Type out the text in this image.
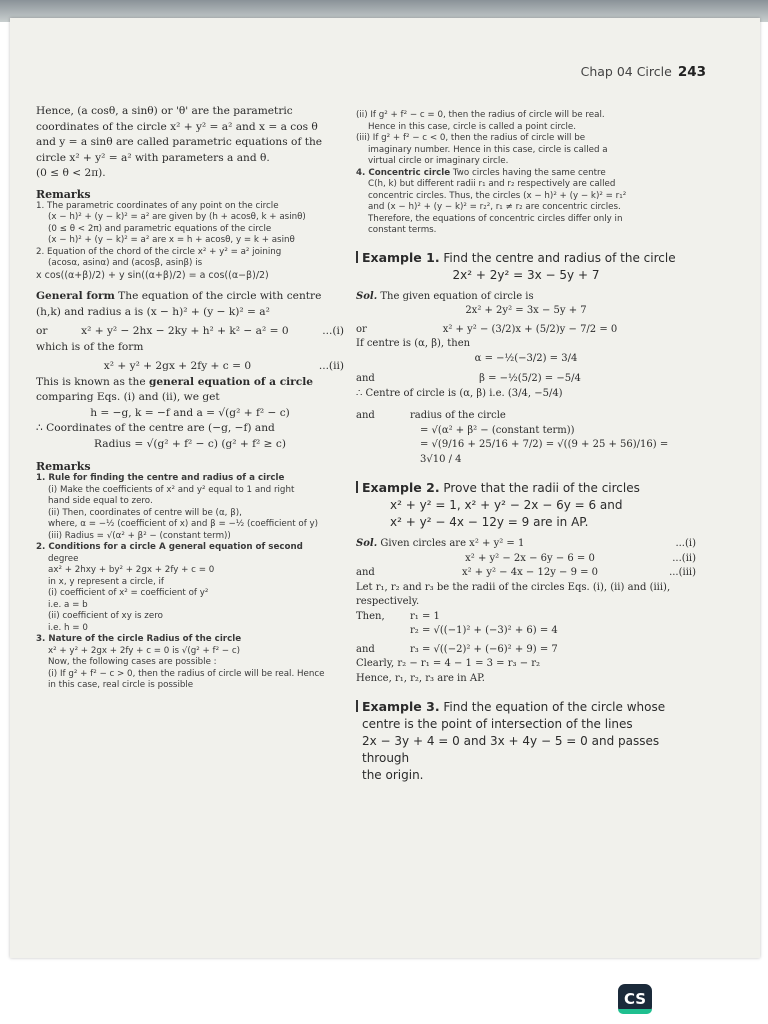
Chap 04 Circle 243
Hence, (a cosθ, a sinθ) or 'θ' are the parametric
coordinates of the circle x² + y² = a² and x = a cos θ
and y = a sinθ are called parametric equations of the
circle x² + y² = a² with parameters a and θ.
(0 ≤ θ < 2π).
Remarks
1. The parametric coordinates of any point on the circle
(x − h)² + (y − k)² = a² are given by (h + acosθ, k + asinθ)
(0 ≤ θ < 2π) and parametric equations of the circle
(x − h)² + (y − k)² = a² are x = h + acosθ, y = k + asinθ
2. Equation of the chord of the circle x² + y² = a² joining
(acosα, asinα) and (acosβ, asinβ) is
x cos((α+β)/2) + y sin((α+β)/2) = a cos((α−β)/2)
General form The equation of the circle with centre
(h,k) and radius a is (x − h)² + (y − k)² = a²
or	x² + y² − 2hx − 2ky + h² + k² − a² = 0	...(i)
which is of the form
x² + y² + 2gx + 2fy + c = 0	...(ii)
This is known as the general equation of a circle
comparing Eqs. (i) and (ii), we get
h = −g, k = −f and a = √(g² + f² − c)
∴ Coordinates of the centre are (−g, −f) and
Radius = √(g² + f² − c) (g² + f² ≥ c)
Remarks
1. Rule for finding the centre and radius of a circle
(i) Make the coefficients of x² and y² equal to 1 and right
hand side equal to zero.
(ii) Then, coordinates of centre will be (α, β),
where, α = −½ (coefficient of x) and β = −½ (coefficient of y)
(iii) Radius = √(α² + β² − (constant term))
2. Conditions for a circle A general equation of second
degree
ax² + 2hxy + by² + 2gx + 2fy + c = 0
in x, y represent a circle, if
(i) coefficient of x² = coefficient of y²
i.e. a = b
(ii) coefficient of xy is zero
i.e. h = 0
3. Nature of the circle Radius of the circle
x² + y² + 2gx + 2fy + c = 0 is √(g² + f² − c)
Now, the following cases are possible :
(i) If g² + f² − c > 0, then the radius of circle will be real. Hence
in this case, real circle is possible
(ii) If g² + f² − c = 0, then the radius of circle will be real.
Hence in this case, circle is called a point circle.
(iii) If g² + f² − c < 0, then the radius of circle will be
imaginary number. Hence in this case, circle is called a
virtual circle or imaginary circle.
4. Concentric circle Two circles having the same centre
C(h, k) but different radii r₁ and r₂ respectively are called
concentric circles. Thus, the circles (x − h)² + (y − k)² = r₁²
and (x − h)² + (y − k)² = r₂², r₁ ≠ r₂ are concentric circles.
Therefore, the equations of concentric circles differ only in
constant terms.
Example 1. Find the centre and radius of the circle
2x² + 2y² = 3x − 5y + 7
Sol. The given equation of circle is
2x² + 2y² = 3x − 5y + 7
or	x² + y² − (3/2)x + (5/2)y − 7/2 = 0
If centre is (α, β), then
α = −½(−3/2) = 3/4
and	β = −½(5/2) = −5/4
∴ Centre of circle is (α, β) i.e. (3/4, −5/4)
and	radius of the circle
= √(α² + β² − (constant term))
= √(9/16 + 25/16 + 7/2) = √((9 + 25 + 56)/16) = 3√10 / 4
Example 2. Prove that the radii of the circles
x² + y² = 1, x² + y² − 2x − 6y = 6 and
x² + y² − 4x − 12y = 9 are in AP.
Sol. Given circles are x² + y² = 1	...(i)
x² + y² − 2x − 6y − 6 = 0	...(ii)
and	x² + y² − 4x − 12y − 9 = 0	...(iii)
Let r₁, r₂ and r₃ be the radii of the circles Eqs. (i), (ii) and (iii),
respectively.
Then,	r₁ = 1
r₂ = √((−1)² + (−3)² + 6) = 4
and	r₃ = √((−2)² + (−6)² + 9) = 7
Clearly, r₂ − r₁ = 4 − 1 = 3 = r₃ − r₂
Hence, r₁, r₂, r₃ are in AP.
Example 3. Find the equation of the circle whose
centre is the point of intersection of the lines
2x − 3y + 4 = 0 and 3x + 4y − 5 = 0 and passes through
the origin.
CS
